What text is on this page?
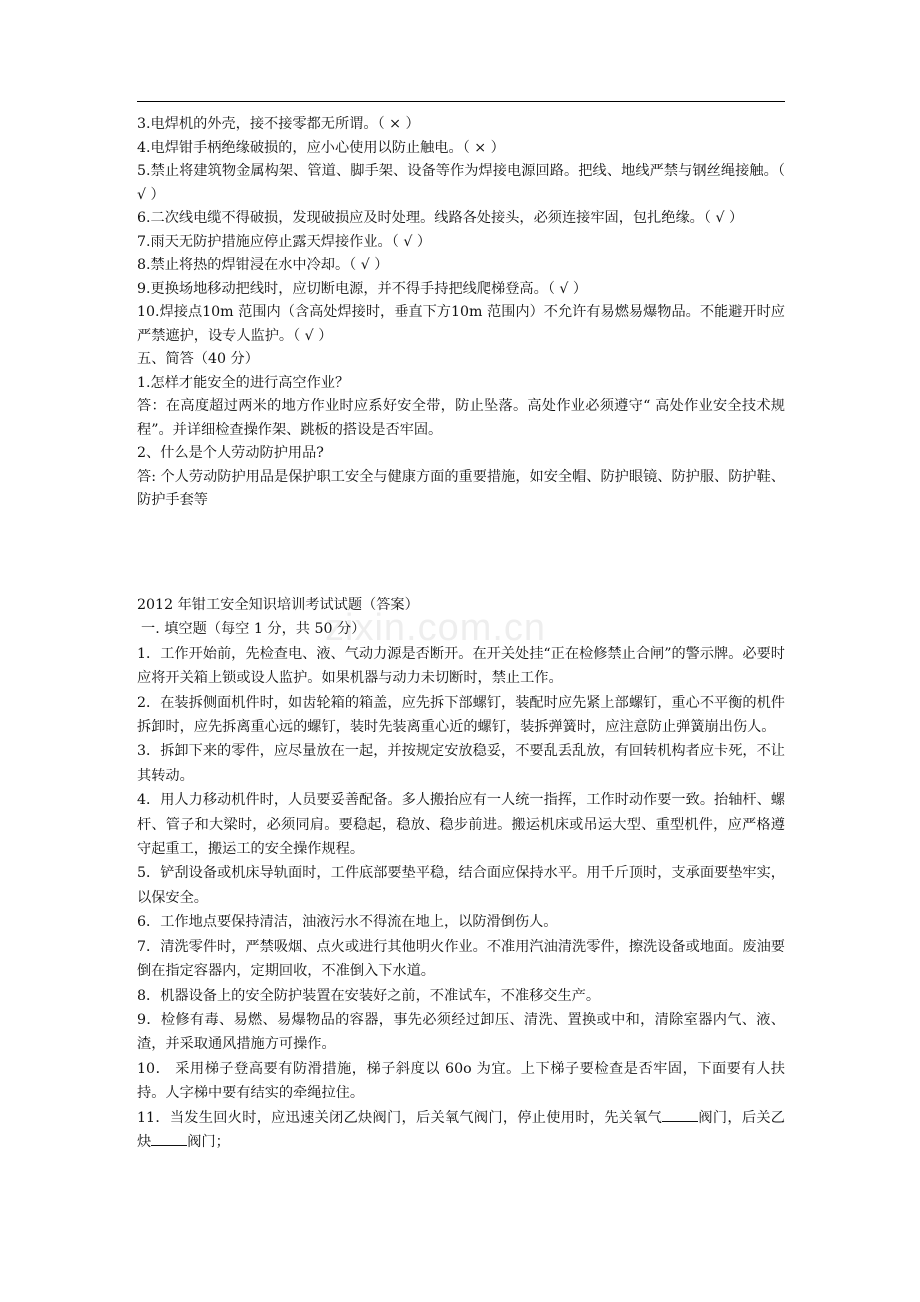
3.电焊机的外壳，接不接零都无所谓。（ × ）

4.电焊钳手柄绝缘破损的，应小心使用以防止触电。（ × ）

5.禁止将建筑物金属构架、管道、脚手架、设备等作为焊接电源回路。把线、地线严禁与钢丝绳接触。（ √ ）

6.二次线电缆不得破损，发现破损应及时处理。线路各处接头，必须连接牢固，包扎绝缘。（ √ ）

7.雨天无防护措施应停止露天焊接作业。（ √ ）

8.禁止将热的焊钳浸在水中冷却。（ √ ）

9.更换场地移动把线时，应切断电源，并不得手持把线爬梯登高。（ √ ）

10.焊接点10m 范围内（含高处焊接时，垂直下方10m 范围内）不允许有易燃易爆物品。不能避开时应严禁遮护，设专人监护。（ √ ）

五、简答（40 分）

1.怎样才能安全的进行高空作业？

答：在高度超过两米的地方作业时应系好安全带，防止坠落。高处作业必须遵守“ 高处作业安全技术规程”。并详细检查操作架、跳板的搭设是否牢固。

2、什么是个人劳动防护用品?

答: 个人劳动防护用品是保护职工安全与健康方面的重要措施，如安全帽、防护眼镜、防护服、防护鞋、防护手套等

zixin.com.cn

2012 年钳工安全知识培训考试试题（答案）

一. 填空题（每空 1 分，共 50 分）

1．工作开始前，先检查电、液、气动力源是否断开。在开关处挂“正在检修禁止合闸”的警示牌。必要时应将开关箱上锁或设人监护。如果机器与动力未切断时，禁止工作。

2．在装拆侧面机件时，如齿轮箱的箱盖，应先拆下部螺钉，装配时应先紧上部螺钉，重心不平衡的机件拆卸时，应先拆离重心远的螺钉，装时先装离重心近的螺钉，装拆弹簧时，应注意防止弹簧崩出伤人。

3．拆卸下来的零件，应尽量放在一起，并按规定安放稳妥，不要乱丢乱放，有回转机构者应卡死，不让其转动。

4．用人力移动机件时，人员要妥善配备。多人搬抬应有一人统一指挥，工作时动作要一致。抬轴杆、螺杆、管子和大梁时，必须同肩。要稳起，稳放、稳步前进。搬运机床或吊运大型、重型机件，应严格遵守起重工，搬运工的安全操作规程。

5．铲刮设备或机床导轨面时，工件底部要垫平稳，结合面应保持水平。用千斤顶时，支承面要垫牢实，以保安全。

6．工作地点要保持清洁，油液污水不得流在地上，以防滑倒伤人。

7．清洗零件时，严禁吸烟、点火或进行其他明火作业。不准用汽油清洗零件，擦洗设备或地面。废油要倒在指定容器内，定期回收，不准倒入下水道。

8．机器设备上的安全防护装置在安装好之前，不准试车，不准移交生产。

9．检修有毒、易燃、易爆物品的容器，事先必须经过卸压、清洗、置换或中和，清除室器内气、液、渣，并采取通风措施方可操作。

10． 采用梯子登高要有防滑措施，梯子斜度以 60o 为宜。上下梯子要检查是否牢固，下面要有人扶持。人字梯中要有结实的牵绳拉住。

11．当发生回火时，应迅速关闭乙炔阀门，后关氧气阀门，停止使用时，先关氧气	阀门，后关乙炔	阀门；
